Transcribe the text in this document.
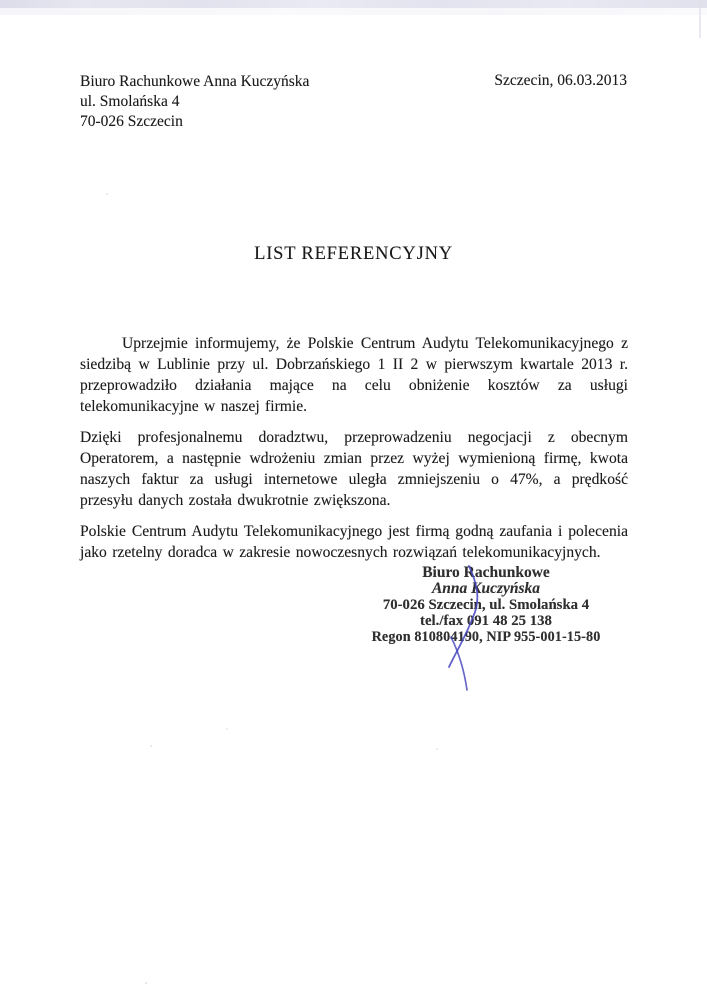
Biuro Rachunkowe Anna Kuczyńska
ul. Smolańska 4
70-026 Szczecin
Szczecin, 06.03.2013
LIST REFERENCYJNY

Uprzejmie informujemy, że Polskie Centrum Audytu Telekomunikacyjnego z siedzibą w Lublinie przy ul. Dobrzańskiego 1 II 2 w pierwszym kwartale 2013 r. przeprowadziło działania mające na celu obniżenie kosztów za usługi telekomunikacyjne w naszej firmie.

Dzięki profesjonalnemu doradztwu, przeprowadzeniu negocjacji z obecnym Operatorem, a następnie wdrożeniu zmian przez wyżej wymienioną firmę, kwota naszych faktur za usługi internetowe uległa zmniejszeniu o 47%, a prędkość przesyłu danych została dwukrotnie zwiększona.

Polskie Centrum Audytu Telekomunikacyjnego jest firmą godną zaufania i polecenia jako rzetelny doradca w zakresie nowoczesnych rozwiązań telekomunikacyjnych.

Biuro Rachunkowe
Anna Kuczyńska
70-026 Szczecin, ul. Smolańska 4
tel./fax 091 48 25 138
Regon 810804190, NIP 955-001-15-80
